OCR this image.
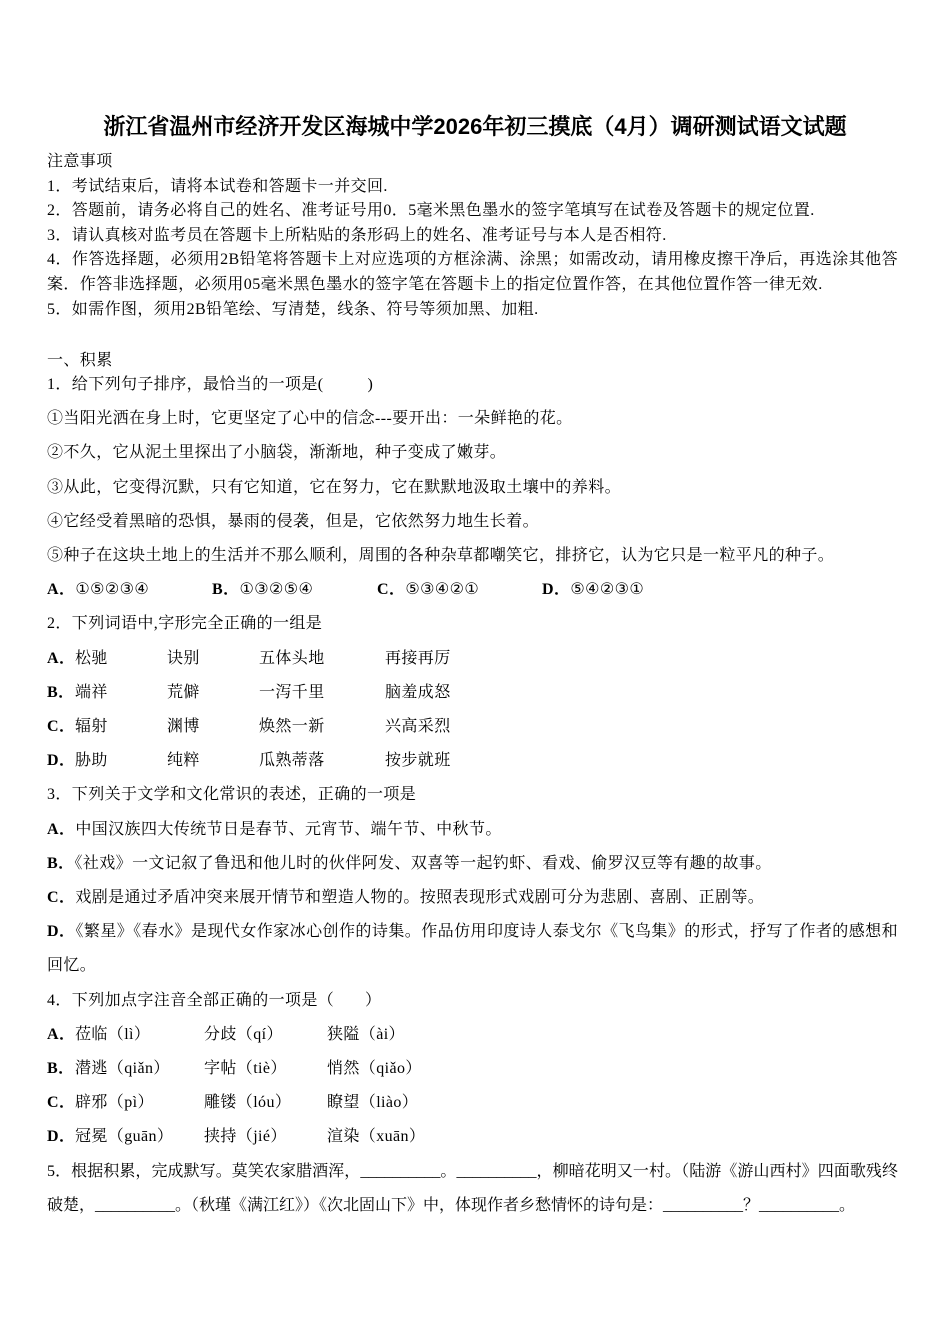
浙江省温州市经济开发区海城中学2026年初三摸底（4月）调研测试语文试题

注意事项

1．考试结束后，请将本试卷和答题卡一并交回.

2．答题前，请务必将自己的姓名、准考证号用0．5毫米黑色墨水的签字笔填写在试卷及答题卡的规定位置.

3．请认真核对监考员在答题卡上所粘贴的条形码上的姓名、准考证号与本人是否相符.

4．作答选择题，必须用2B铅笔将答题卡上对应选项的方框涂满、涂黑；如需改动，请用橡皮擦干净后，再选涂其他答案．作答非选择题，必须用05毫米黑色墨水的签字笔在答题卡上的指定位置作答，在其他位置作答一律无效.

5．如需作图，须用2B铅笔绘、写清楚，线条、符号等须加黑、加粗.

一、积累
1．给下列句子排序，最恰当的一项是(          )
①当阳光洒在身上时，它更坚定了心中的信念---要开出：一朵鲜艳的花。
②不久，它从泥土里探出了小脑袋，渐渐地，种子变成了嫩芽。
③从此，它变得沉默，只有它知道，它在努力，它在默默地汲取土壤中的养料。
④它经受着黑暗的恐惧，暴雨的侵袭，但是，它依然努力地生长着。
⑤种子在这块土地上的生活并不那么顺利，周围的各种杂草都嘲笑它，排挤它，认为它只是一粒平凡的种子。
A．①⑤②③④	B．①③②⑤④	C．⑤③④②①	D．⑤④②③①
2．下列词语中,字形完全正确的一组是
A． 松驰	诀别	五体头地	再接再厉
B． 端祥	荒僻	一泻千里	脑羞成怒
C． 辐射	渊博	焕然一新	兴高采烈
D． 胁助	纯粹	瓜熟蒂落	按步就班
3．下列关于文学和文化常识的表述，正确的一项是
A．中国汉族四大传统节日是春节、元宵节、端午节、中秋节。
B．《社戏》一文记叙了鲁迅和他儿时的伙伴阿发、双喜等一起钓虾、看戏、偷罗汉豆等有趣的故事。
C．戏剧是通过矛盾冲突来展开情节和塑造人物的。按照表现形式戏剧可分为悲剧、喜剧、正剧等。
D．《繁星》《春水》是现代女作家冰心创作的诗集。作品仿用印度诗人泰戈尔《飞鸟集》的形式，抒写了作者的感想和回忆。
4．下列加点字注音全部正确的一项是（       ）
A． 莅临（lì）	分歧（qí）	狭隘（ài）
B． 潜逃（qiǎn）	字帖（tiè）	悄然（qiǎo）
C． 辟邪（pì）	雕镂（lóu）	瞭望（liào）
D． 冠冕（guān）	挟持（jié）	渲染（xuān）
5．根据积累，完成默写。莫笑农家腊酒浑，__________。__________，柳暗花明又一村。（陆游《游山西村》四面歌残终破楚，__________。（秋瑾《满江红》）《次北固山下》中，体现作者乡愁情怀的诗句是：__________？__________。
